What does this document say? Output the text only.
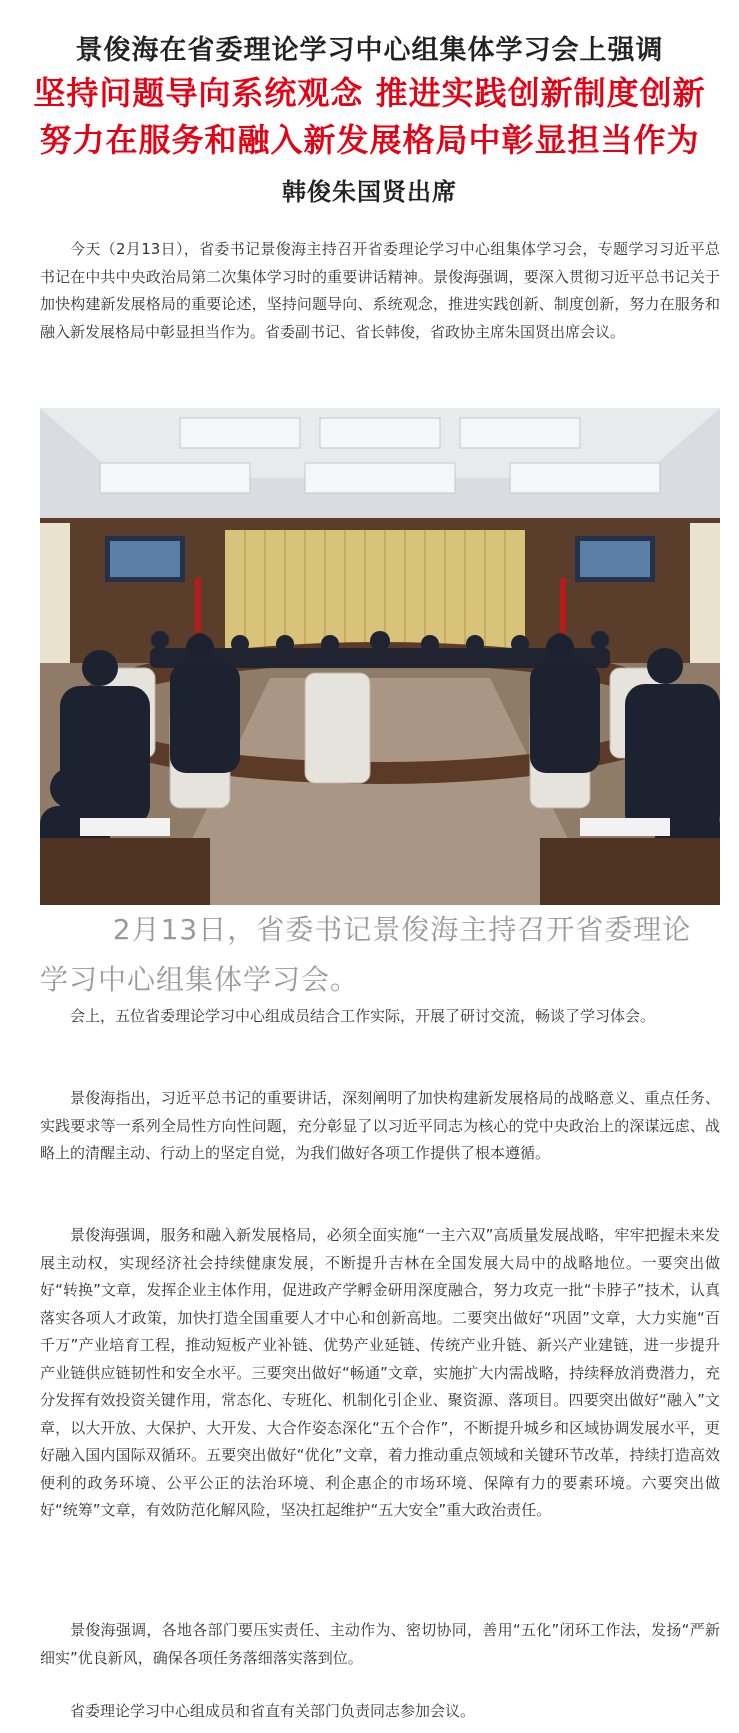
景俊海在省委理论学习中心组集体学习会上强调
坚持问题导向系统观念 推进实践创新制度创新
努力在服务和融入新发展格局中彰显担当作为
韩俊朱国贤出席

今天（2月13日），省委书记景俊海主持召开省委理论学习中心组集体学习会，专题学习习近平总书记在中共中央政治局第二次集体学习时的重要讲话精神。景俊海强调，要深入贯彻习近平总书记关于加快构建新发展格局的重要论述，坚持问题导向、系统观念，推进实践创新、制度创新，努力在服务和融入新发展格局中彰显担当作为。省委副书记、省长韩俊，省政协主席朱国贤出席会议。

2月13日，省委书记景俊海主持召开省委理论学习中心组集体学习会。

会上，五位省委理论学习中心组成员结合工作实际，开展了研讨交流，畅谈了学习体会。

景俊海指出，习近平总书记的重要讲话，深刻阐明了加快构建新发展格局的战略意义、重点任务、实践要求等一系列全局性方向性问题，充分彰显了以习近平同志为核心的党中央政治上的深谋远虑、战略上的清醒主动、行动上的坚定自觉，为我们做好各项工作提供了根本遵循。

景俊海强调，服务和融入新发展格局，必须全面实施“一主六双”高质量发展战略，牢牢把握未来发展主动权，实现经济社会持续健康发展，不断提升吉林在全国发展大局中的战略地位。一要突出做好“转换”文章，发挥企业主体作用，促进政产学孵金研用深度融合，努力攻克一批“卡脖子”技术，认真落实各项人才政策，加快打造全国重要人才中心和创新高地。二要突出做好“巩固”文章，大力实施“百千万”产业培育工程，推动短板产业补链、优势产业延链、传统产业升链、新兴产业建链，进一步提升产业链供应链韧性和安全水平。三要突出做好“畅通”文章，实施扩大内需战略，持续释放消费潜力，充分发挥有效投资关键作用，常态化、专班化、机制化引企业、聚资源、落项目。四要突出做好“融入”文章，以大开放、大保护、大开发、大合作姿态深化“五个合作”，不断提升城乡和区域协调发展水平，更好融入国内国际双循环。五要突出做好“优化”文章，着力推动重点领域和关键环节改革，持续打造高效便利的政务环境、公平公正的法治环境、利企惠企的市场环境、保障有力的要素环境。六要突出做好“统筹”文章，有效防范化解风险，坚决扛起维护“五大安全”重大政治责任。

景俊海强调，各地各部门要压实责任、主动作为、密切协同，善用“五化”闭环工作法，发扬“严新细实”优良新风，确保各项任务落细落实落到位。

省委理论学习中心组成员和省直有关部门负责同志参加会议。
